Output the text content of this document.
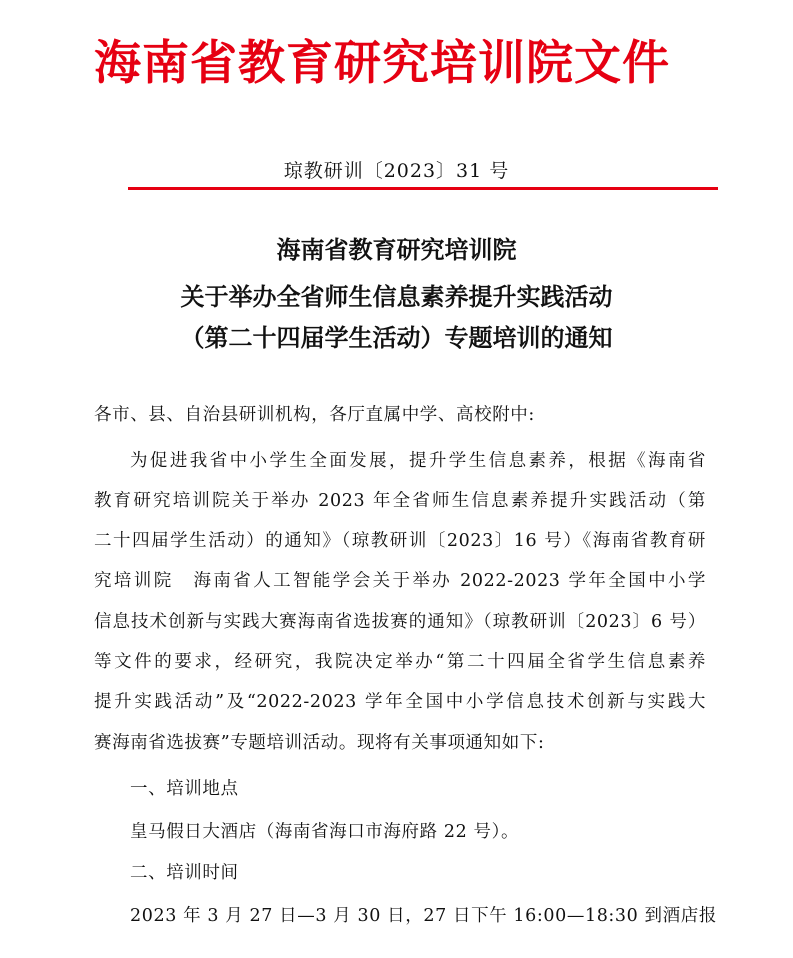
海南省教育研究培训院文件
琼教研训〔2023〕31 号
海南省教育研究培训院
关于举办全省师生信息素养提升实践活动
（第二十四届学生活动）专题培训的通知
各市、县、自治县研训机构，各厅直属中学、高校附中:
为促进我省中小学生全面发展，提升学生信息素养，根据《海南省
教育研究培训院关于举办 2023 年全省师生信息素养提升实践活动（第
二十四届学生活动）的通知》（琼教研训〔2023〕16 号）《海南省教育研
究培训院　海南省人工智能学会关于举办 2022-2023 学年全国中小学
信息技术创新与实践大赛海南省选拔赛的通知》（琼教研训〔2023〕6 号）
等文件的要求，经研究，我院决定举办“第二十四届全省学生信息素养
提升实践活动”及“2022-2023 学年全国中小学信息技术创新与实践大
赛海南省选拔赛”专题培训活动。现将有关事项通知如下:
一、培训地点
皇马假日大酒店（海南省海口市海府路 22 号）。
二、培训时间
2023 年 3 月 27 日—3 月 30 日，27 日下午 16:00—18:30 到酒店报
